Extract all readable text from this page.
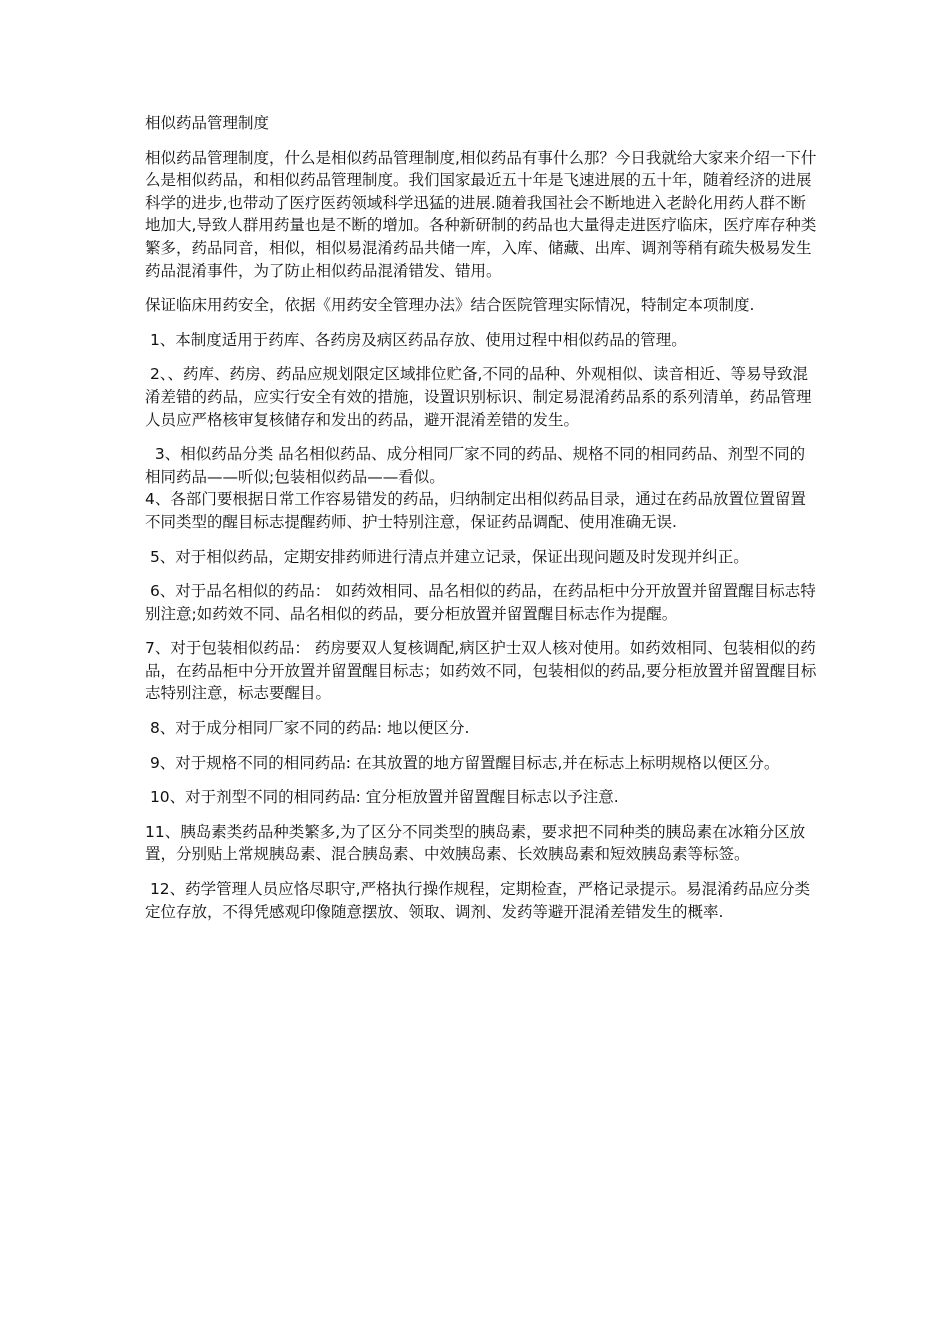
相似药品管理制度

相似药品管理制度，什么是相似药品管理制度,相似药品有事什么那？今日我就给大家来介绍一下什么是相似药品，和相似药品管理制度。我们国家最近五十年是飞速进展的五十年，随着经济的进展科学的进步,也带动了医疗医药领域科学迅猛的进展.随着我国社会不断地进入老龄化用药人群不断地加大,导致人群用药量也是不断的增加。各种新研制的药品也大量得走进医疗临床，医疗库存种类繁多，药品同音，相似，相似易混淆药品共储一库，入库、储藏、出库、调剂等稍有疏失极易发生药品混淆事件，为了防止相似药品混淆错发、错用。

保证临床用药安全，依据《用药安全管理办法》结合医院管理实际情况，特制定本项制度.

1、本制度适用于药库、各药房及病区药品存放、使用过程中相似药品的管理。

2、、药库、药房、药品应规划限定区域排位贮备,不同的品种、外观相似、读音相近、等易导致混淆差错的药品，应实行安全有效的措施，设置识别标识、制定易混淆药品系的系列清单，药品管理人员应严格核审复核储存和发出的药品，避开混淆差错的发生。

3、相似药品分类 品名相似药品、成分相同厂家不同的药品、规格不同的相同药品、剂型不同的相同药品——听似;包装相似药品——看似。

4、各部门要根据日常工作容易错发的药品，归纳制定出相似药品目录，通过在药品放置位置留置不同类型的醒目标志提醒药师、护士特别注意，保证药品调配、使用准确无误.

5、对于相似药品，定期安排药师进行清点并建立记录，保证出现问题及时发现并纠正。

6、对于品名相似的药品： 如药效相同、品名相似的药品，在药品柜中分开放置并留置醒目标志特别注意;如药效不同、品名相似的药品，要分柜放置并留置醒目标志作为提醒。

7、对于包装相似药品： 药房要双人复核调配,病区护士双人核对使用。如药效相同、包装相似的药品，在药品柜中分开放置并留置醒目标志；如药效不同，包装相似的药品,要分柜放置并留置醒目标志特别注意，标志要醒目。

8、对于成分相同厂家不同的药品: 地以便区分.

9、对于规格不同的相同药品: 在其放置的地方留置醒目标志,并在标志上标明规格以便区分。

10、对于剂型不同的相同药品: 宜分柜放置并留置醒目标志以予注意.

11、胰岛素类药品种类繁多,为了区分不同类型的胰岛素，要求把不同种类的胰岛素在冰箱分区放置，分别贴上常规胰岛素、混合胰岛素、中效胰岛素、长效胰岛素和短效胰岛素等标签。

12、药学管理人员应恪尽职守,严格执行操作规程，定期检查，严格记录提示。易混淆药品应分类定位存放，不得凭感观印像随意摆放、领取、调剂、发药等避开混淆差错发生的概率.
